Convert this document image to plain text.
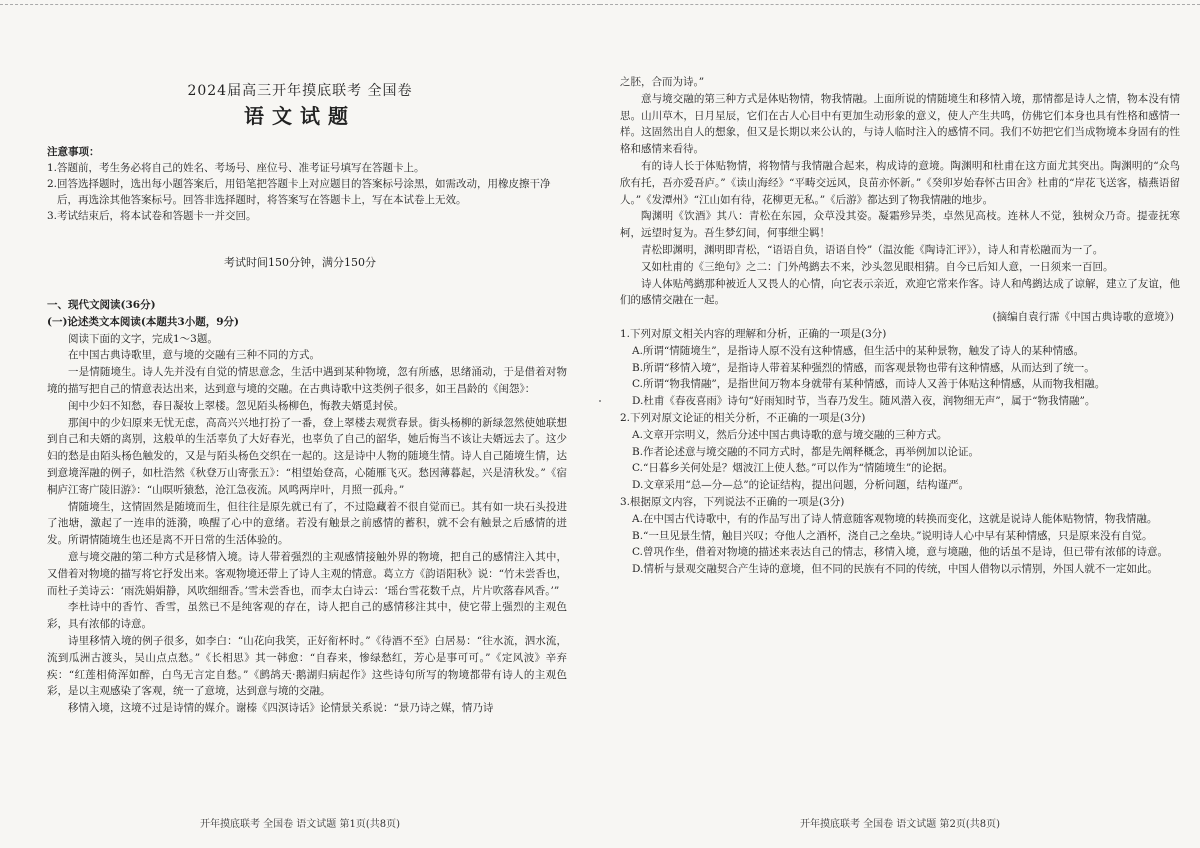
2024届高三开年摸底联考 全国卷
语文试题
注意事项：
1.答题前，考生务必将自己的姓名、考场号、座位号、准考证号填写在答题卡上。
2.回答选择题时，选出每小题答案后，用铅笔把答题卡上对应题目的答案标号涂黑，如需改动，用橡皮擦干净后，再选涂其他答案标号。回答非选择题时，将答案写在答题卡上，写在本试卷上无效。
3.考试结束后，将本试卷和答题卡一并交回。
考试时间150分钟，满分150分
一、现代文阅读(36分)
(一)论述类文本阅读(本题共3小题，9分)
阅读下面的文字，完成1～3题。
在中国古典诗歌里，意与境的交融有三种不同的方式。
一是情随境生。诗人先并没有自觉的情思意念，生活中遇到某种物境，忽有所感，思绪涌动，于是借着对物境的描写把自己的情意表达出来，达到意与境的交融。在古典诗歌中这类例子很多，如王昌龄的《闺怨》：
闺中少妇不知愁，春日凝妆上翠楼。忽见陌头杨柳色，悔教夫婿觅封侯。
那闺中的少妇原来无忧无虑，高高兴兴地打扮了一番，登上翠楼去观赏春景。街头杨柳的新绿忽然使她联想到自己和夫婿的离别，这般单的生活辜负了大好春光，也辜负了自己的韶华，她后悔当不该让夫婿远去了。这少妇的愁是由陌头杨色触发的，又是与陌头杨色交织在一起的。这是诗中人物的随境生情。诗人自己随境生情，达到意境浑融的例子，如杜浩然《秋登万山寄张五》：“相望始登高，心随雁飞灭。愁因薄暮起，兴是清秋发。”《宿桐庐江寄广陵旧游》：“山暝听猿愁，沧江急夜流。风鸣两岸叶，月照一孤舟。”
情随境生，这情固然是随境而生，但往往是原先就已有了，不过隐藏着不很自觉而已。其有如一块石头投进了池塘，激起了一连串的涟漪，唤醒了心中的意绪。若没有触景之前感情的蓄积，就不会有触景之后感情的迸发。所谓情随境生也还是离不开日常的生活体验的。
意与境交融的第二种方式是移情入境。诗人带着强烈的主观感情接触外界的物境，把自己的感情注入其中，又借着对物境的描写将它抒发出来。客观物境还带上了诗人主观的情意。葛立方《韵语阳秋》说：“竹未尝香也，而杜子美诗云：‘雨洗娟娟静，风吹细细香。’雪未尝香也，而李太白诗云：‘瑶台雪花数千点，片片吹落春风香。’”
李杜诗中的香竹、香雪，虽然已不是纯客观的存在，诗人把自己的感情移注其中，使它带上强烈的主观色彩，具有浓郁的诗意。
诗里移情入境的例子很多，如李白：“山花向我笑，正好衔杯时。”《待酒不至》白居易：“往水流，泗水流，流到瓜洲古渡头，吴山点点愁。”《长相思》其一韩愈：“自春来，惨绿愁红，芳心是事可可。”《定风波》辛弃疾：“红莲相倚浑如醉，白鸟无言定自愁。”《鹧鸪天·鹅湖归病起作》这些诗句所写的物境都带有诗人的主观色彩，是以主观感染了客观，统一了意境，达到意与境的交融。
移情入境，这境不过是诗情的媒介。谢榛《四溟诗话》论情景关系说：“景乃诗之媒，情乃诗
开年摸底联考 全国卷 语文试题 第1页(共8页)
之胚，合而为诗。”
意与境交融的第三种方式是体贴物情，物我情融。上面所说的情随境生和移情入境，那情都是诗人之情，物本没有情思。山川草木，日月星辰，它们在古人心目中有更加生动形象的意义，使人产生共鸣，仿佛它们本身也具有性格和感情一样。这固然出自人的想象，但又是长期以来公认的，与诗人临时注入的感情不同。我们不妨把它们当成物境本身固有的性格和感情来看待。
有的诗人长于体贴物情，将物情与我情融合起来，构成诗的意境。陶渊明和杜甫在这方面尤其突出。陶渊明的“众鸟欣有托，吾亦爱吾庐。”《读山海经》“平畴交远风，良苗亦怀新。”《癸卯岁始春怀古田舍》杜甫的“岸花飞送客，樯燕语留人。”《发潭州》“江山如有待，花柳更无私。”《后游》都达到了物我情融的地步。
陶渊明《饮酒》其八：青松在东园，众草没其姿。凝霜殄异类，卓然见高枝。连林人不觉，独树众乃奇。提壶抚寒柯，远望时复为。吾生梦幻间，何事绁尘羁！
青松即渊明，渊明即青松，“语语自负，语语自怜”（温汝能《陶诗汇评》），诗人和青松融而为一了。
又如杜甫的《三绝句》之二：门外鸬鹚去不来，沙头忽见眼相猜。自今已后知人意，一日须来一百回。
诗人体贴鸬鹚那种被近人又畏人的心情，向它表示亲近，欢迎它常来作客。诗人和鸬鹚达成了谅解，建立了友谊，他们的感情交融在一起。
(摘编自袁行霈《中国古典诗歌的意境》)
1.下列对原文相关内容的理解和分析，正确的一项是(3分)
A.所谓“情随境生”，是指诗人原不没有这种情感，但生活中的某种景物，触发了诗人的某种情感。
B.所谓“移情入境”，是指诗人带着某种强烈的情感，而客观景物也带有这种情感，从而达到了统一。
C.所谓“物我情融”，是指世间万物本身就带有某种情感，而诗人又善于体贴这种情感，从而物我相融。
D.杜甫《春夜喜雨》诗句“好雨知时节，当春乃发生。随风潜入夜，润物细无声”，属于“物我情融”。
2.下列对原文论证的相关分析，不正确的一项是(3分)
A.文章开宗明义，然后分述中国古典诗歌的意与境交融的三种方式。
B.作者论述意与境交融的不同方式时，都是先阐释概念，再举例加以论证。
C.“日暮乡关何处是？烟波江上使人愁。”可以作为“情随境生”的论据。
D.文章采用“总—分—总”的论证结构，提出问题，分析问题，结构谨严。
3.根据原文内容，下列说法不正确的一项是(3分)
A.在中国古代诗歌中，有的作品写出了诗人情意随客观物境的转换而变化，这就是说诗人能体贴物情，物我情融。
B.“一旦见景生情，触目兴叹；夺他人之酒杯，浇自己之垒块。”说明诗人心中早有某种情感，只是原来没有自觉。
C.曾巩作坐，借着对物境的描述来表达自己的情志，移情入境，意与境融，他的话虽不是诗，但已带有浓郁的诗意。
D.情析与景观交融契合产生诗的意境，但不同的民族有不同的传统，中国人借物以示情别，外国人就不一定如此。
开年摸底联考 全国卷 语文试题 第2页(共8页)
